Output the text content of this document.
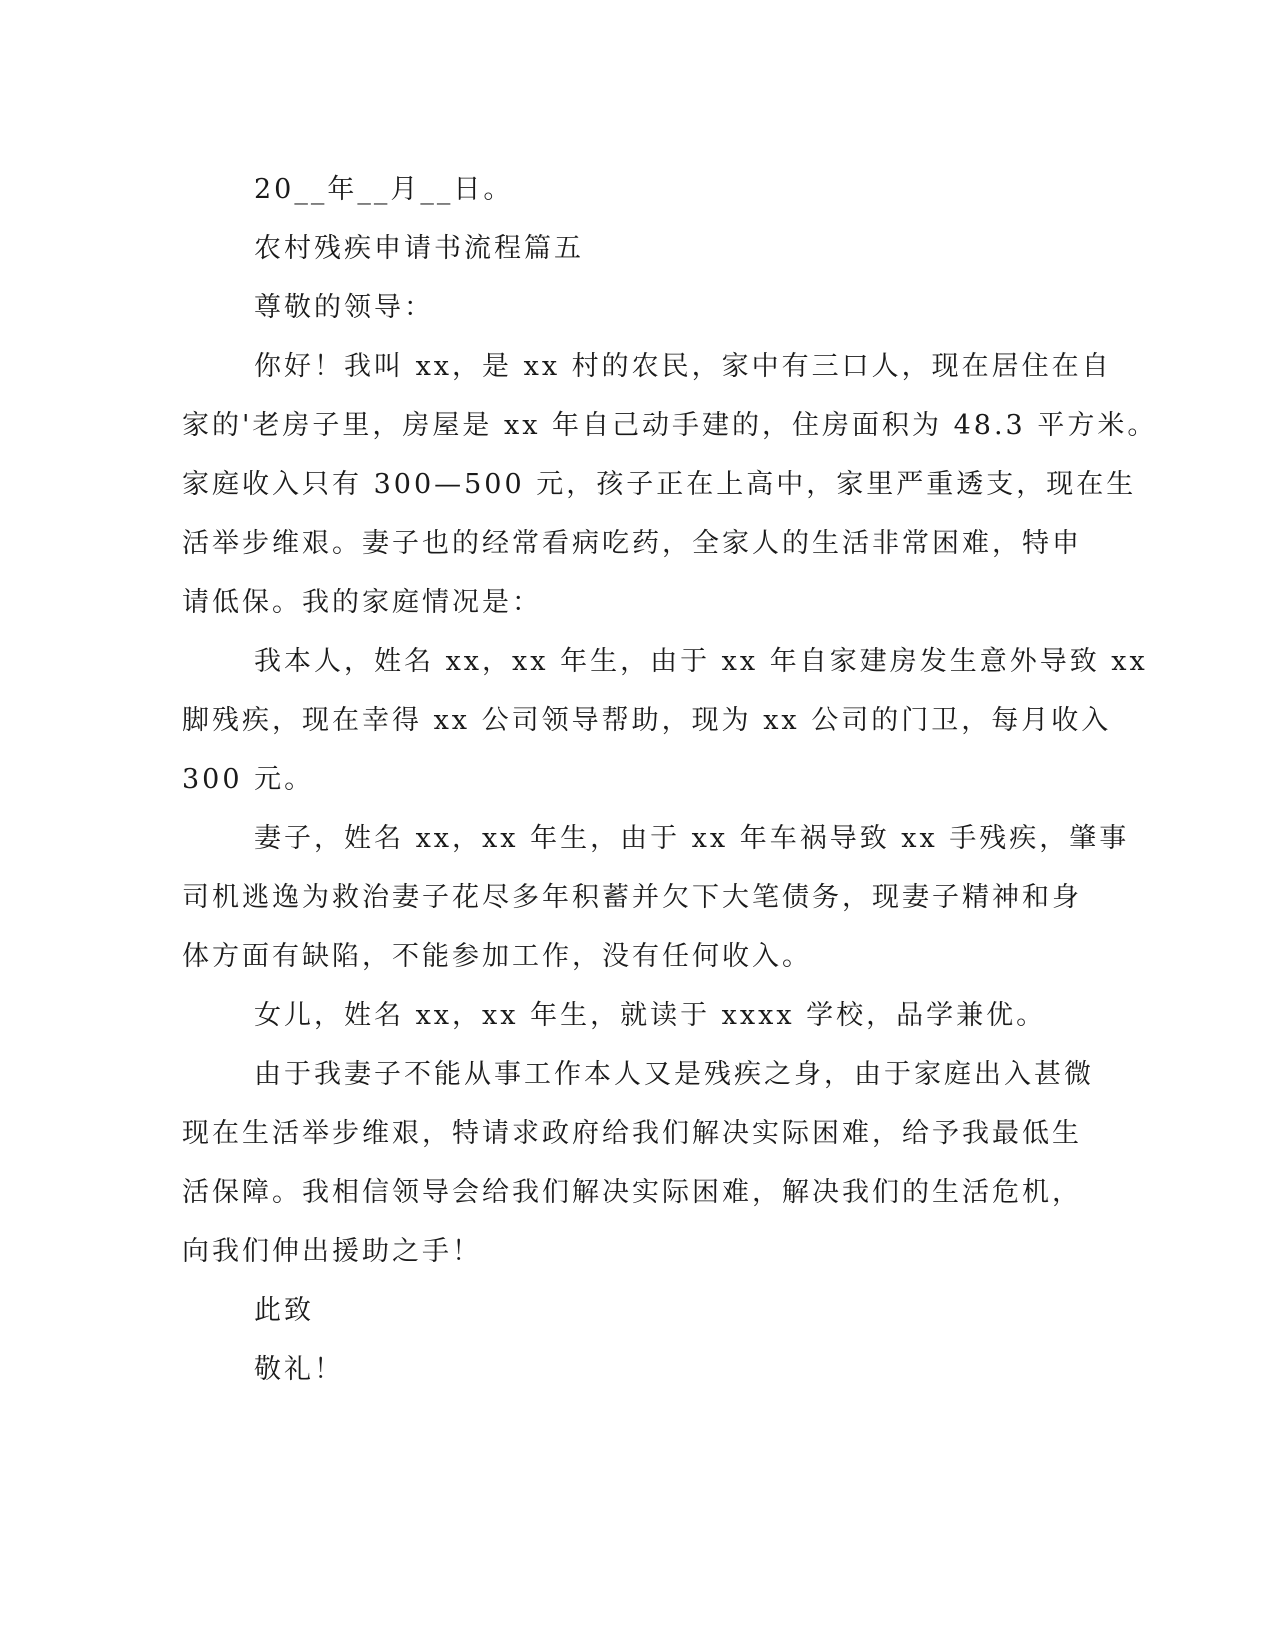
20__年__月__日。
农村残疾申请书流程篇五
尊敬的领导：
你好！我叫 xx，是 xx 村的农民，家中有三口人，现在居住在自
家的'老房子里，房屋是 xx 年自己动手建的，住房面积为 48.3 平方米。
家庭收入只有 300—500 元，孩子正在上高中，家里严重透支，现在生
活举步维艰。妻子也的经常看病吃药，全家人的生活非常困难，特申
请低保。我的家庭情况是：
我本人，姓名 xx，xx 年生，由于 xx 年自家建房发生意外导致 xx
脚残疾，现在幸得 xx 公司领导帮助，现为 xx 公司的门卫，每月收入
300 元。
妻子，姓名 xx，xx 年生，由于 xx 年车祸导致 xx 手残疾，肇事
司机逃逸为救治妻子花尽多年积蓄并欠下大笔债务，现妻子精神和身
体方面有缺陷，不能参加工作，没有任何收入。
女儿，姓名 xx，xx 年生，就读于 xxxx 学校，品学兼优。
由于我妻子不能从事工作本人又是残疾之身，由于家庭出入甚微
现在生活举步维艰，特请求政府给我们解决实际困难，给予我最低生
活保障。我相信领导会给我们解决实际困难，解决我们的生活危机，
向我们伸出援助之手！
此致
敬礼！
